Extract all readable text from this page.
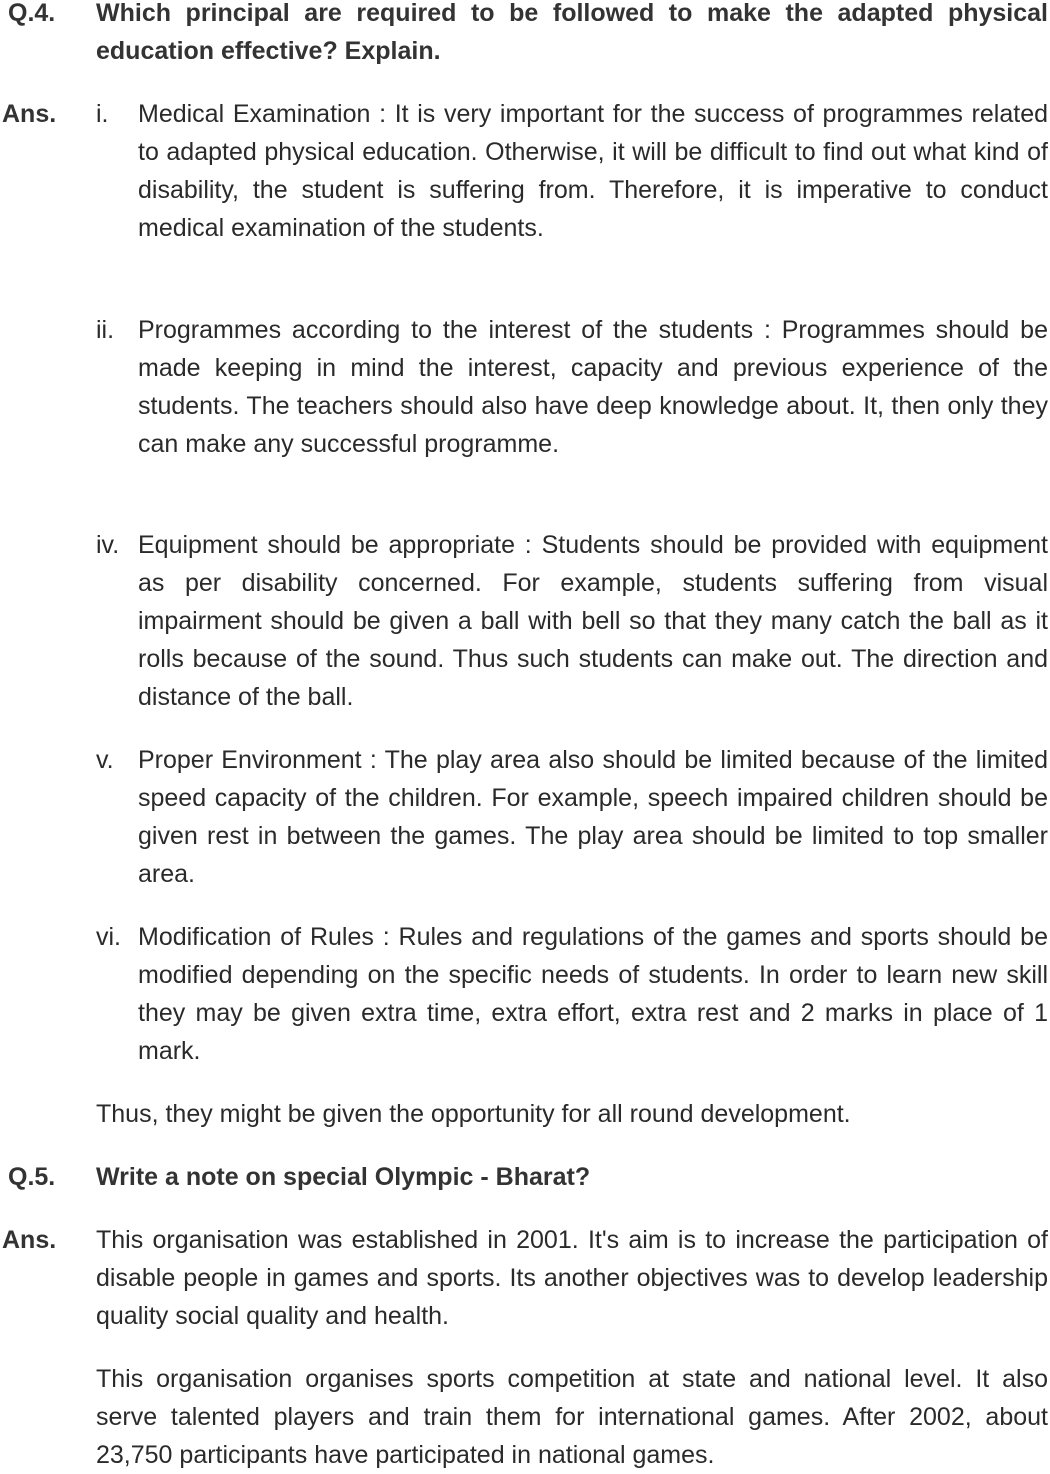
Q.4.	Which principal are required to be followed to make the adapted physical education effective? Explain.
Ans.	i.	Medical Examination : It is very important for the success of programmes related to adapted physical education. Otherwise, it will be difficult to find out what kind of disability, the student is suffering from. Therefore, it is imperative to conduct medical examination of the students.
ii. Programmes according to the interest of the students : Programmes should be made keeping in mind the interest, capacity and previous experience of the students. The teachers should also have deep knowledge about. It, then only they can make any successful programme.
iv. Equipment should be appropriate : Students should be provided with equipment as per disability concerned. For example, students suffering from visual impairment should be given a ball with bell so that they many catch the ball as it rolls because of the sound. Thus such students can make out. The direction and distance of the ball.
v. Proper Environment : The play area also should be limited because of the limited speed capacity of the children. For example, speech impaired children should be given rest in between the games. The play area should be limited to top smaller area.
vi. Modification of Rules : Rules and regulations of the games and sports should be modified depending on the specific needs of students. In order to learn new skill they may be given extra time, extra effort, extra rest and 2 marks in place of 1 mark.
Thus, they might be given the opportunity for all round development.
Q.5.	Write a note on special Olympic - Bharat?
Ans.	This organisation was established in 2001. It's aim is to increase the participation of disable people in games and sports. Its another objectives was to develop leadership quality social quality and health.
This organisation organises sports competition at state and national level. It also serve talented players and train them for international games. After 2002, about 23,750 participants have participated in national games.
